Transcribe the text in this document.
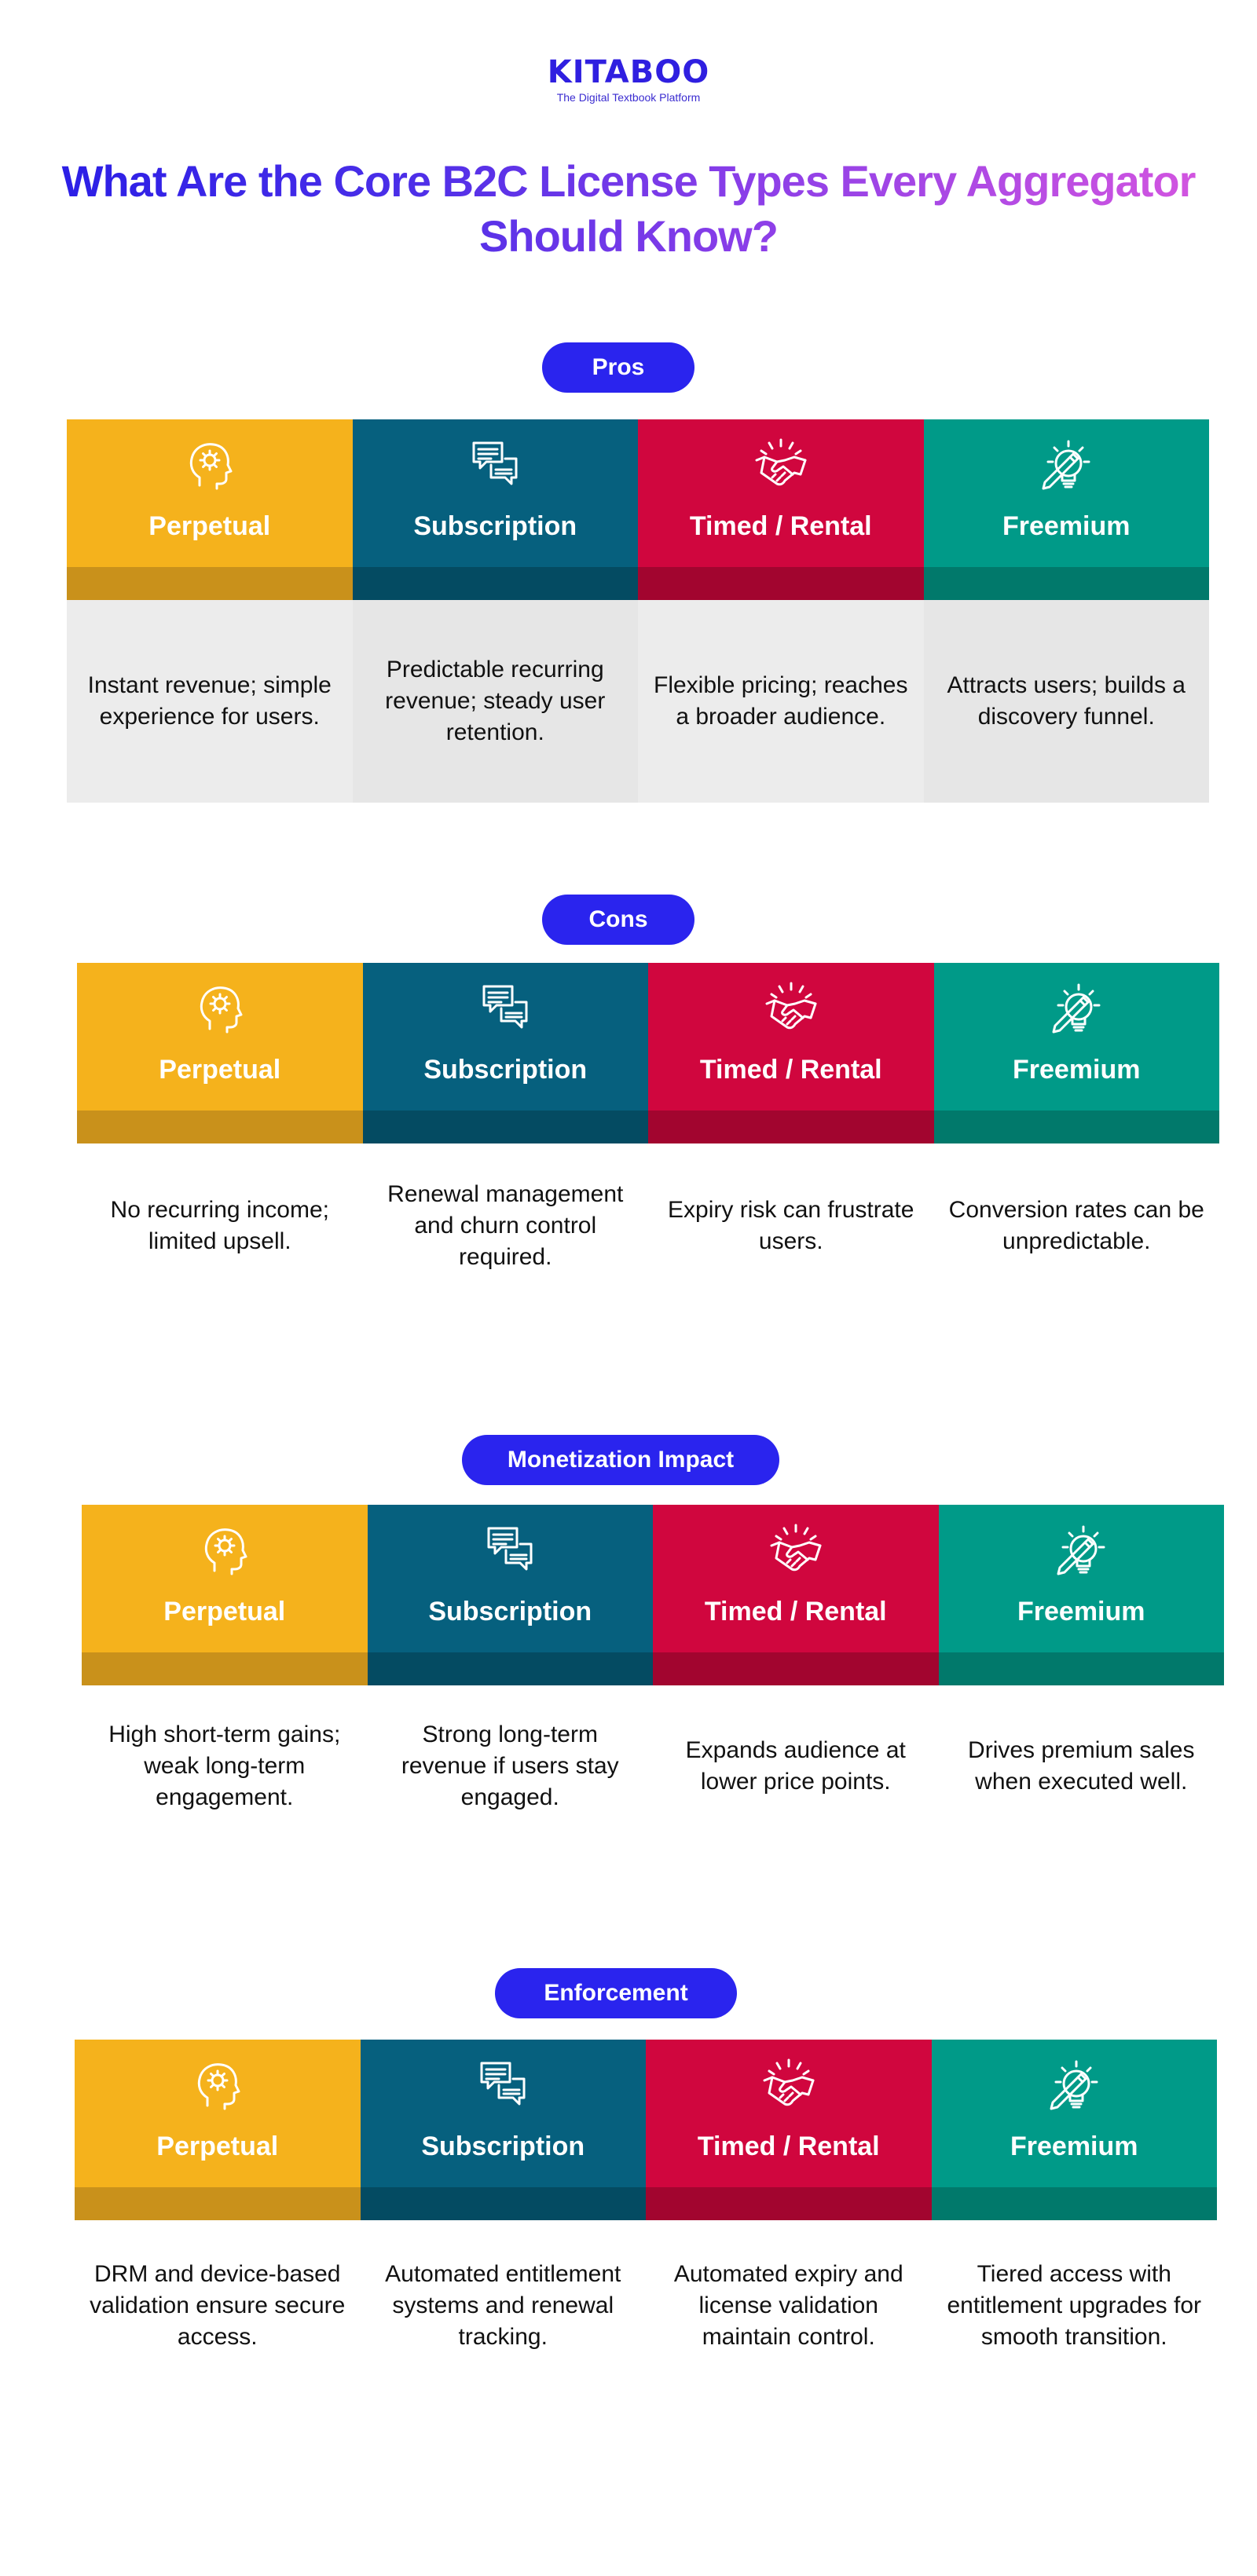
KITABOO
The Digital Textbook Platform
What Are the Core B2C License Types Every Aggregator Should Know?
Pros
Perpetual
Instant revenue; simple experience for users.
Subscription
Predictable recurring revenue; steady user retention.
Timed / Rental
Flexible pricing; reaches a broader audience.
Freemium
Attracts users; builds a discovery funnel.
Cons
Perpetual
No recurring income; limited upsell.
Subscription
Renewal management and churn control required.
Timed / Rental
Expiry risk can frustrate users.
Freemium
Conversion rates can be unpredictable.
Monetization Impact
Perpetual
High short-term gains; weak long-term engagement.
Subscription
Strong long-term revenue if users stay engaged.
Timed / Rental
Expands audience at lower price points.
Freemium
Drives premium sales when executed well.
Enforcement
Perpetual
DRM and device-based validation ensure secure access.
Subscription
Automated entitlement systems and renewal tracking.
Timed / Rental
Automated expiry and license validation maintain control.
Freemium
Tiered access with entitlement upgrades for smooth transition.
